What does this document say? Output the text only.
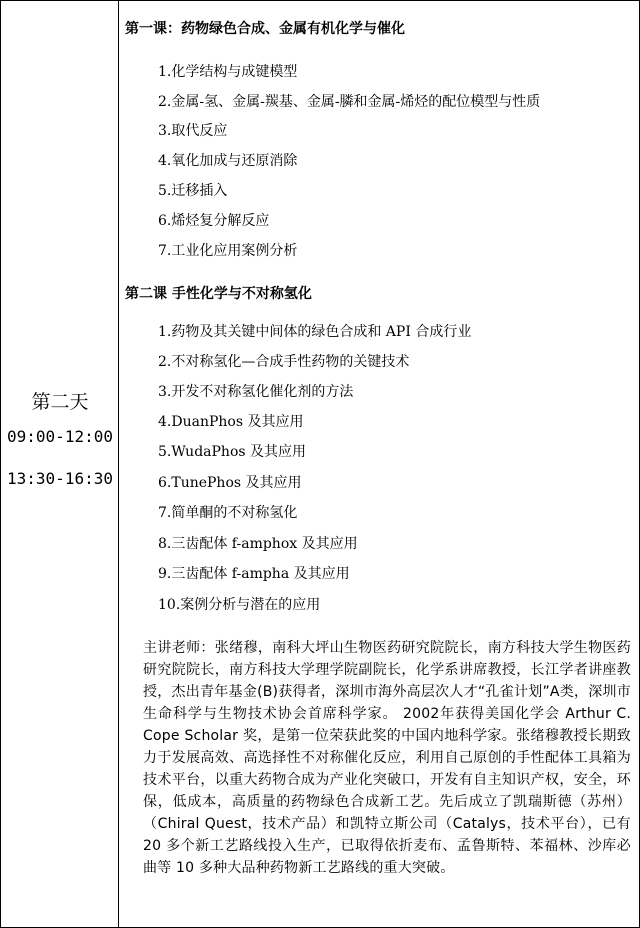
第二天
09:00-12:00
13:30-16:30
第一课：药物绿色合成、金属有机化学与催化
1.化学结构与成键模型
2.金属-氢、金属-羰基、金属-膦和金属-烯烃的配位模型与性质
3.取代反应
4.氧化加成与还原消除
5.迁移插入
6.烯烃复分解反应
7.工业化应用案例分析
第二课 手性化学与不对称氢化
1.药物及其关键中间体的绿色合成和 API 合成行业
2.不对称氢化—合成手性药物的关键技术
3.开发不对称氢化催化剂的方法
4.DuanPhos 及其应用
5.WudaPhos 及其应用
6.TunePhos 及其应用
7.简单酮的不对称氢化
8.三齿配体 f-amphox 及其应用
9.三齿配体 f-ampha 及其应用
10.案例分析与潜在的应用
主讲老师：张绪穆，南科大坪山生物医药研究院院长，南方科技大学生物医药研究院院长，南方科技大学理学院副院长，化学系讲席教授，长江学者讲座教授，杰出青年基金(B)获得者，深圳市海外高层次人才“孔雀计划”A类，深圳市生命科学与生物技术协会首席科学家。 2002年获得美国化学会 Arthur C. Cope Scholar 奖，是第一位荣获此奖的中国内地科学家。张绪穆教授长期致力于发展高效、高选择性不对称催化反应，利用自己原创的手性配体工具箱为技术平台，以重大药物合成为产业化突破口，开发有自主知识产权，安全，环保，低成本，高质量的药物绿色合成新工艺。先后成立了凯瑞斯德（苏州）（Chiral Quest，技术产品）和凯特立斯公司（Catalys，技术平台），已有 20 多个新工艺路线投入生产，已取得依折麦布、孟鲁斯特、苯福林、沙库必曲等 10 多种大品种药物新工艺路线的重大突破。
